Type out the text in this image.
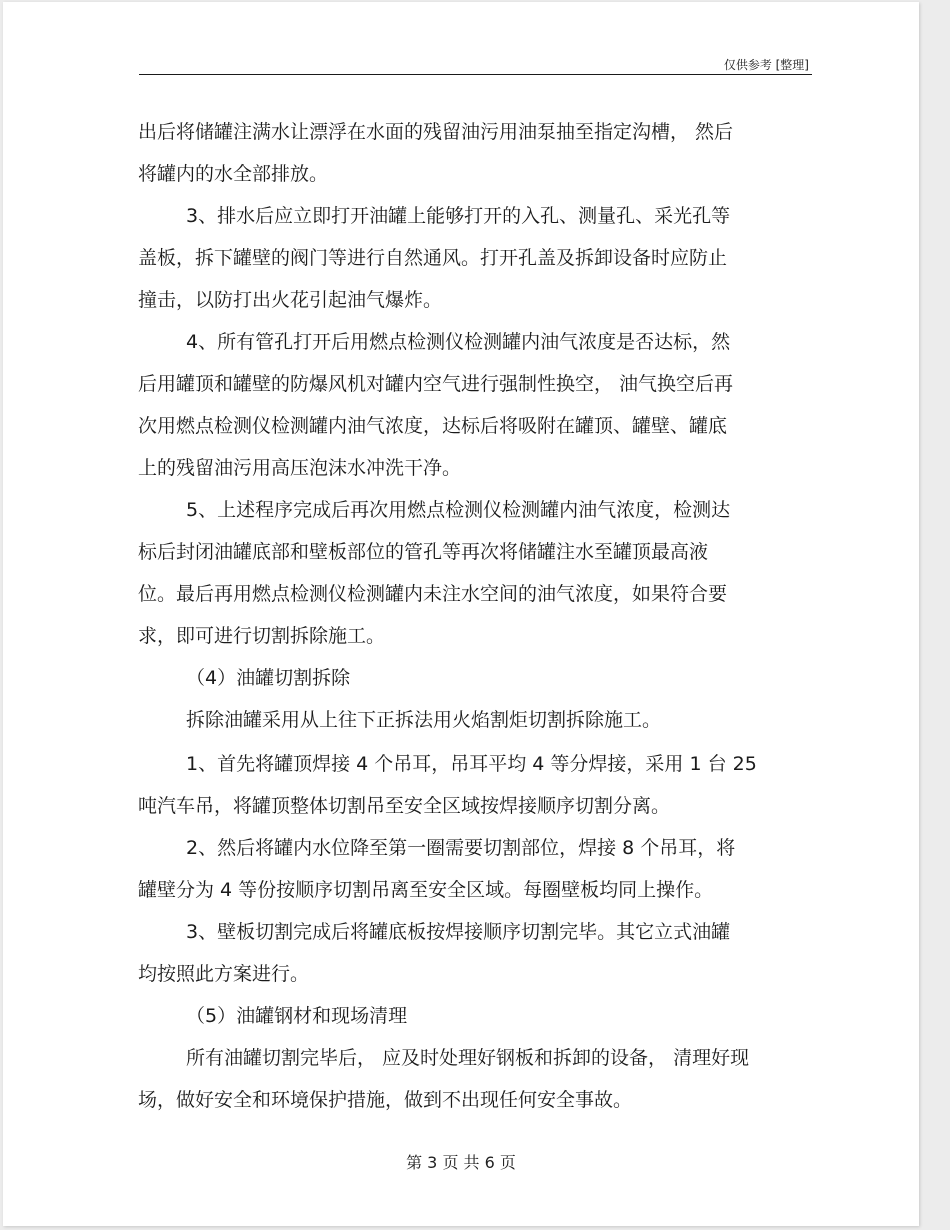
仅供参考 [整理]
出后将储罐注满水让漂浮在水面的残留油污用油泵抽至指定沟槽， 然后
将罐内的水全部排放。
3、排水后应立即打开油罐上能够打开的入孔、测量孔、采光孔等
盖板，拆下罐壁的阀门等进行自然通风。打开孔盖及拆卸设备时应防止
撞击，以防打出火花引起油气爆炸。
4、所有管孔打开后用燃点检测仪检测罐内油气浓度是否达标，然
后用罐顶和罐壁的防爆风机对罐内空气进行强制性换空， 油气换空后再
次用燃点检测仪检测罐内油气浓度，达标后将吸附在罐顶、罐壁、罐底
上的残留油污用高压泡沫水冲洗干净。
5、上述程序完成后再次用燃点检测仪检测罐内油气浓度，检测达
标后封闭油罐底部和壁板部位的管孔等再次将储罐注水至罐顶最高液
位。最后再用燃点检测仪检测罐内未注水空间的油气浓度，如果符合要
求，即可进行切割拆除施工。
（4）油罐切割拆除
拆除油罐采用从上往下正拆法用火焰割炬切割拆除施工。
1、首先将罐顶焊接 4 个吊耳，吊耳平均 4 等分焊接，采用 1 台 25
吨汽车吊，将罐顶整体切割吊至安全区域按焊接顺序切割分离。
2、然后将罐内水位降至第一圈需要切割部位，焊接 8 个吊耳，将
罐壁分为 4 等份按顺序切割吊离至安全区域。每圈壁板均同上操作。
3、壁板切割完成后将罐底板按焊接顺序切割完毕。其它立式油罐
均按照此方案进行。
（5）油罐钢材和现场清理
所有油罐切割完毕后， 应及时处理好钢板和拆卸的设备， 清理好现
场，做好安全和环境保护措施，做到不出现任何安全事故。
第 3 页 共 6 页
